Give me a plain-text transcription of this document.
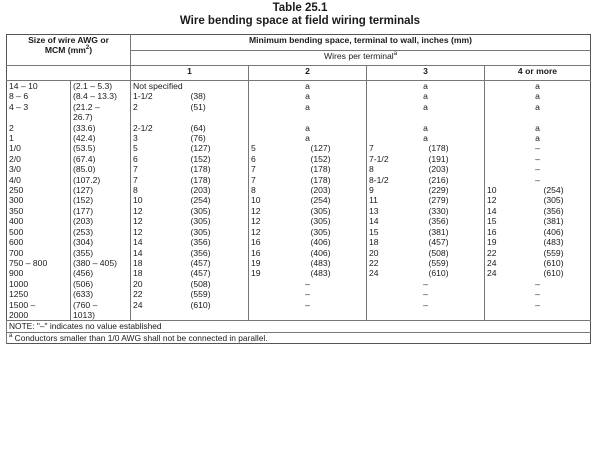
Table 25.1
Wire bending space at field wiring terminals
Size of wire AWG or
MCM $(mm^2)$		Minimum bending space, terminal to wall, inches (mm)							
		Wires per terminal$^a$
		1		2		3		4 or more	
14 – 10	(2.1 – 5.3)	Not specified		a		a		a	
8 – 6	(8.4 – 13.3)	1-1/2	(38)	a		a		a	
4 – 3	(21.2 –	2	(51)	a		a		a	
	26.7)								
2	(33.6)	2-1/2	(64)	a		a		a	
1	(42.4)	3	(76)	a		a		a	
1/0	(53.5)	5	(127)	5	(127)	7	(178)	–	
2/0	(67.4)	6	(152)	6	(152)	7-1/2	(191)	–	
3/0	(85.0)	7	(178)	7	(178)	8	(203)	–	
4/0	(107.2)	7	(178)	7	(178)	8-1/2	(216)	–	
250	(127)	8	(203)	8	(203)	9	(229)	10	(254)
300	(152)	10	(254)	10	(254)	11	(279)	12	(305)
350	(177)	12	(305)	12	(305)	13	(330)	14	(356)
400	(203)	12	(305)	12	(305)	14	(356)	15	(381)
500	(253)	12	(305)	12	(305)	15	(381)	16	(406)
600	(304)	14	(356)	16	(406)	18	(457)	19	(483)
700	(355)	14	(356)	16	(406)	20	(508)	22	(559)
750 – 800	(380 – 405)	18	(457)	19	(483)	22	(559)	24	(610)
900	(456)	18	(457)	19	(483)	24	(610)	24	(610)
1000	(506)	20	(508)	–		–		–	
1250	(633)	22	(559)	–		–		–	
1500 –	(760 –	24	(610)	–		–		–	
2000	1013)								
NOTE: "–" indicates no value established									
$^a$ Conductors smaller than 1/0 AWG shall not be connected in parallel.									
